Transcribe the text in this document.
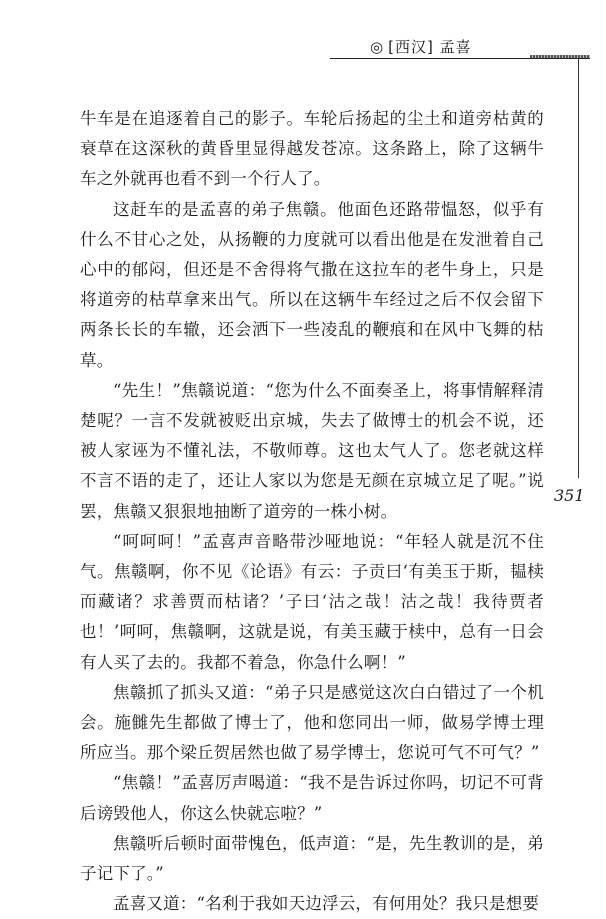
◎ [西汉] 孟喜

牛车是在追逐着自己的影子。车轮后扬起的尘土和道旁枯黄的衰草在这深秋的黄昏里显得越发苍凉。这条路上，除了这辆牛车之外就再也看不到一个行人了。

这赶车的是孟喜的弟子焦赣。他面色还路带愠怒，似乎有什么不甘心之处，从扬鞭的力度就可以看出他是在发泄着自己心中的郁闷，但还是不舍得将气撒在这拉车的老牛身上，只是将道旁的枯草拿来出气。所以在这辆牛车经过之后不仅会留下两条长长的车辙，还会洒下一些凌乱的鞭痕和在风中飞舞的枯草。

“先生！”焦赣说道：“您为什么不面奏圣上，将事情解释清楚呢？一言不发就被贬出京城，失去了做博士的机会不说，还被人家诬为不懂礼法，不敬师尊。这也太气人了。您老就这样不言不语的走了，还让人家以为您是无颜在京城立足了呢。”说罢，焦赣又狠狠地抽断了道旁的一株小树。

“呵呵呵！”孟喜声音略带沙哑地说：“年轻人就是沉不住气。焦赣啊，你不见《论语》有云：子贡曰‘有美玉于斯，韫椟而藏诸？求善贾而枯诸？’子曰‘沽之哉！沽之哉！我待贾者也！’呵呵，焦赣啊，这就是说，有美玉藏于椟中，总有一日会有人买了去的。我都不着急，你急什么啊！”

焦赣抓了抓头又道：“弟子只是感觉这次白白错过了一个机会。施雠先生都做了博士了，他和您同出一师，做易学博士理所应当。那个梁丘贺居然也做了易学博士，您说可气不可气？”

“焦赣！”孟喜厉声喝道：“我不是告诉过你吗，切记不可背后谤毁他人，你这么快就忘啦？”

焦赣听后顿时面带愧色，低声道：“是，先生教训的是，弟子记下了。”

孟喜又道：“名利于我如天边浮云，有何用处？我只是想要

351
